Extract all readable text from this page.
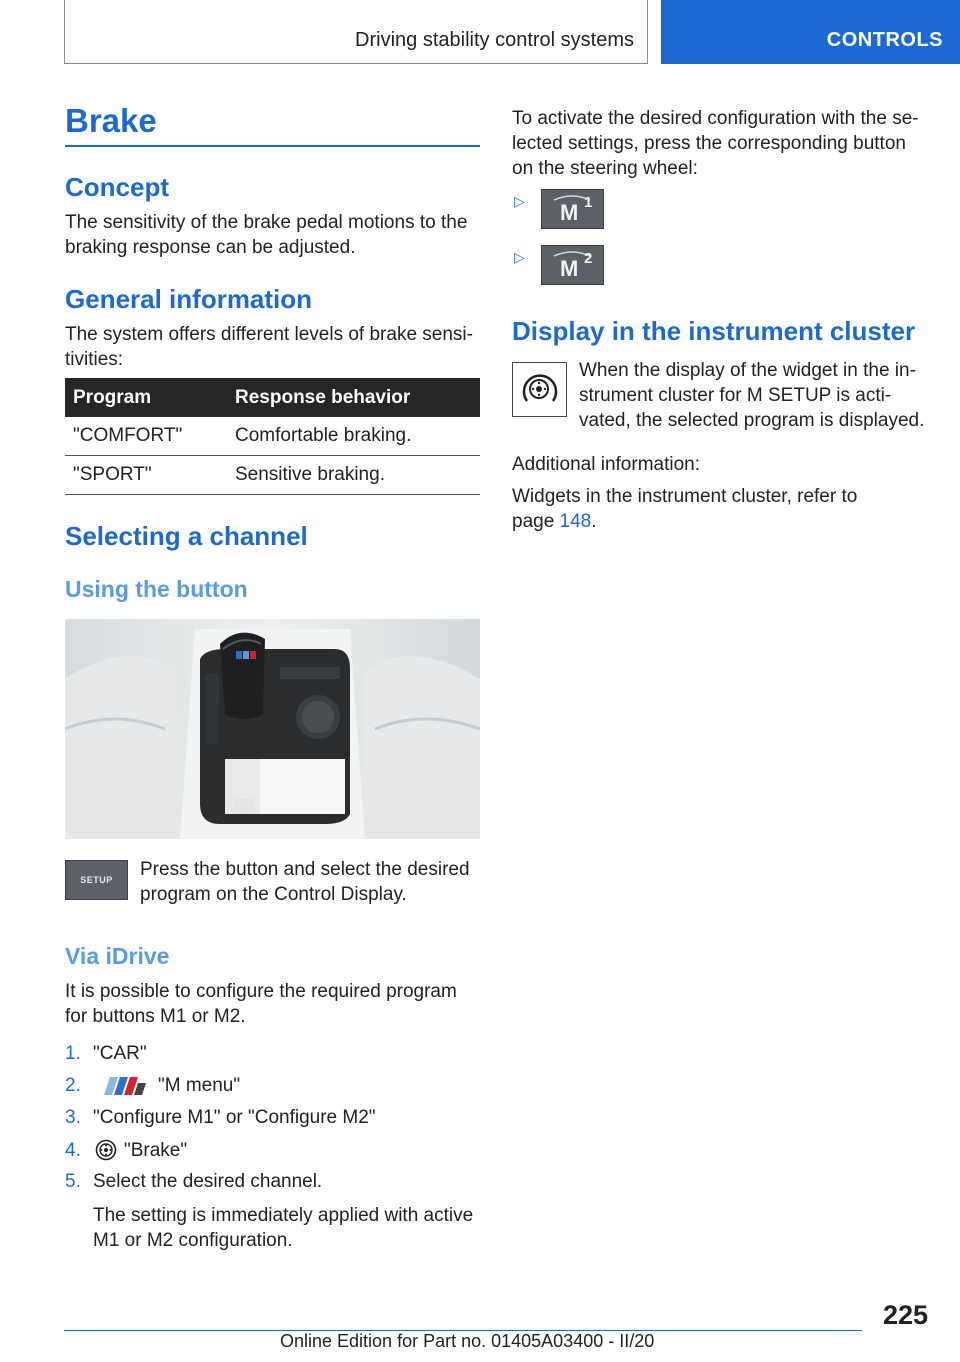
Driving stability control systems	CONTROLS
Brake
Concept
The sensitivity of the brake pedal motions to the
braking response can be adjusted.
General information
The system offers different levels of brake sensi-
tivities:
Program	Response behavior
"COMFORT"	Comfortable braking.
"SPORT"	Sensitive braking.
Selecting a channel
Using the button
SETUP	Press the button and select the desired
program on the Control Display.
Via iDrive
It is possible to configure the required program
for buttons M1 or M2.
1. "CAR"
2.	"M menu"
3. "Configure M1" or "Configure M2"
4. "Brake"
5. Select the desired channel.
The setting is immediately applied with active
M1 or M2 configuration.
To activate the desired configuration with the se-
lected settings, press the corresponding button
on the steering wheel:
▷ M 1
▷ M 2
Display in the instrument cluster
When the display of the widget in the in-
strument cluster for M SETUP is acti-
vated, the selected program is displayed.
Additional information:
Widgets in the instrument cluster, refer to
page 148.
225
Online Edition for Part no. 01405A03400 - II/20
